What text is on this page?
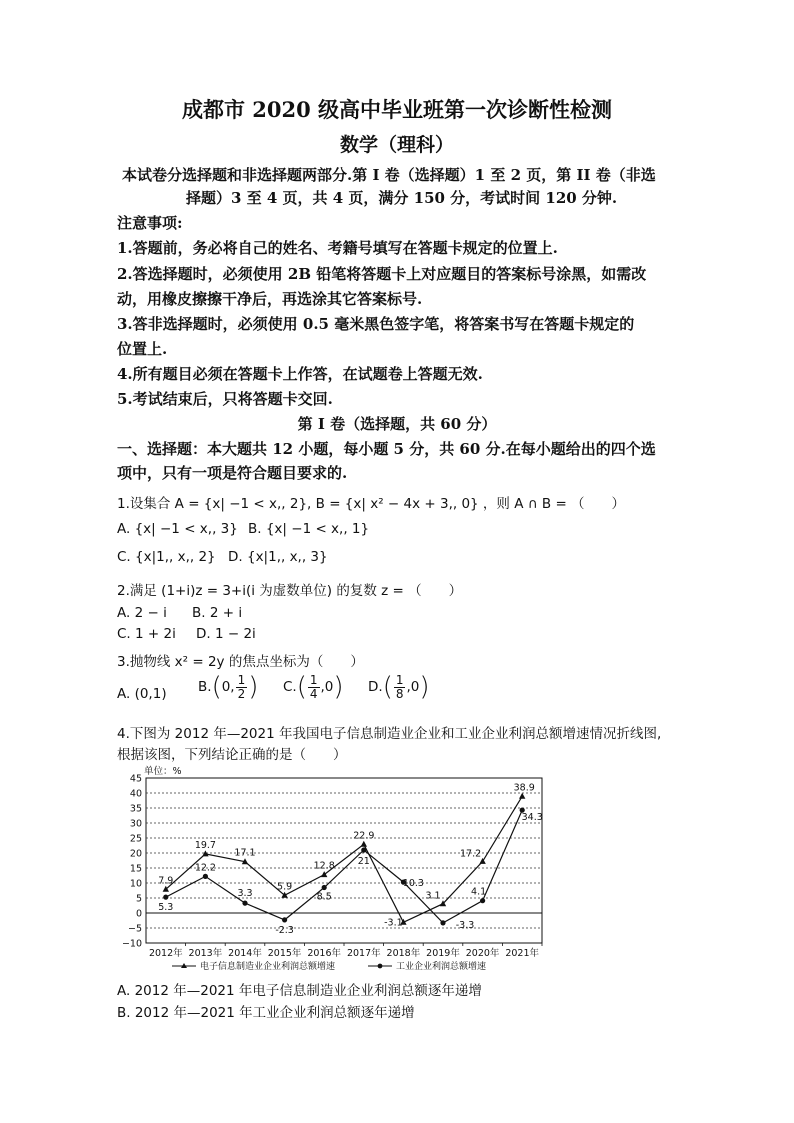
成都市 2020 级高中毕业班第一次诊断性检测
数学（理科）
本试卷分选择题和非选择题两部分.第 I 卷（选择题）1 至 2 页，第 II 卷（非选
择题）3 至 4 页，共 4 页，满分 150 分，考试时间 120 分钟.
注意事项:
1.答题前，务必将自己的姓名、考籍号填写在答题卡规定的位置上.
2.答选择题时，必须使用 2B 铅笔将答题卡上对应题目的答案标号涂黑，如需改
动，用橡皮擦擦干净后，再选涂其它答案标号.
3.答非选择题时，必须使用 0.5 毫米黑色签字笔，将答案书写在答题卡规定的
位置上.
4.所有题目必须在答题卡上作答，在试题卷上答题无效.
5.考试结束后，只将答题卡交回.
第 I 卷（选择题，共 60 分）
一、选择题：本大题共 12 小题，每小题 5 分，共 60 分.在每小题给出的四个选
项中，只有一项是符合题目要求的.
1.设集合 A = {x| −1 < x,, 2}, B = {x| x² − 4x + 3,, 0} ，则 A ∩ B = （　　）
A. {x| −1 < x,, 3} B. {x| −1 < x,, 1}
C. {x|1,, x,, 2} D. {x|1,, x,, 3}
2.满足 (1+i)z = 3+i(i 为虚数单位) 的复数 z = （　　）
A. 2 − i B. 2 + i
C. 1 + 2i D. 1 − 2i
3.抛物线 x² = 2y 的焦点坐标为（　　）
A. (0,1) B.(0, $\frac{1}{2}$ ) $C.( \frac{1}{4} ,0)$ $D.( \frac{1}{8} ,0)$
4.下图为 2012 年—2021 年我国电子信息制造业企业和工业企业利润总额增速情况折线图,
根据该图，下列结论正确的是（　　）
单位：%
45
40
35
30
25
20
15
10
5
0
−5
−10
2012年 2013年 2014年 2015年 2016年 2017年 2018年 2019年 2020年 2021年
7.9
19.7
17.1
5.9
12.8
22.9
-3.1
3.1
17.2
38.9
5.3
12.2
3.3
-2.3
8.5
21
10.3
-3.3
4.1
34.3
电子信息制造业企业利润总额增速	工业企业利润总额增速
A. 2012 年—2021 年电子信息制造业企业利润总额逐年递增
B. 2012 年—2021 年工业企业利润总额逐年递增
